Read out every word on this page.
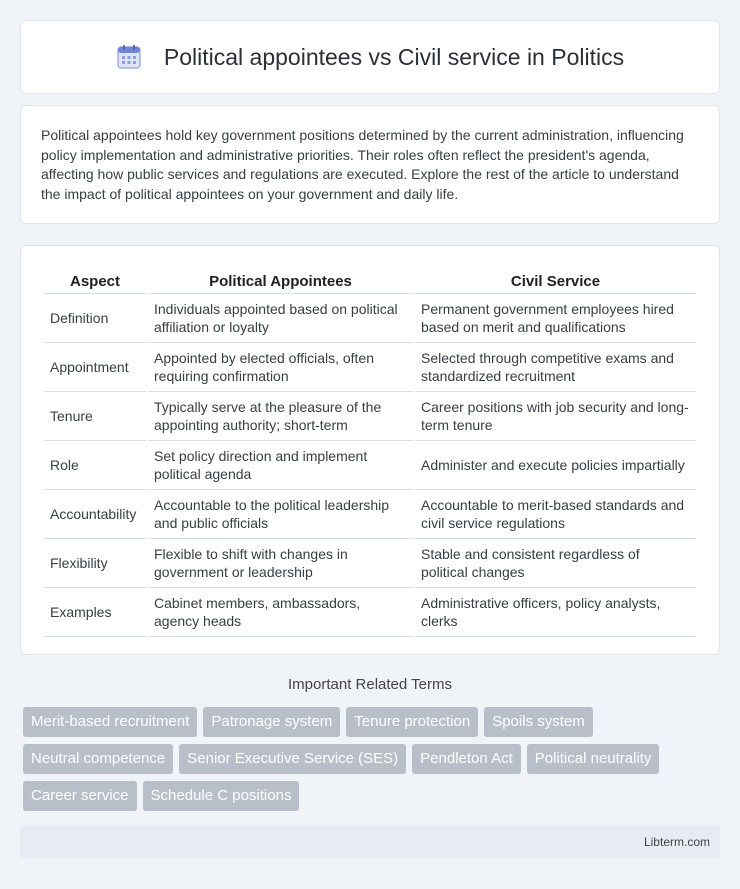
Political appointees vs Civil service in Politics

Political appointees hold key government positions determined by the current administration, influencing policy implementation and administrative priorities. Their roles often reflect the president's agenda, affecting how public services and regulations are executed. Explore the rest of the article to understand the impact of political appointees on your government and daily life.

Aspect	Political Appointees	Civil Service
Definition	Individuals appointed based on political affiliation or loyalty	Permanent government employees hired based on merit and qualifications
Appointment	Appointed by elected officials, often requiring confirmation	Selected through competitive exams and standardized recruitment
Tenure	Typically serve at the pleasure of the appointing authority; short-term	Career positions with job security and long-term tenure
Role	Set policy direction and implement political agenda	Administer and execute policies impartially
Accountability	Accountable to the political leadership and public officials	Accountable to merit-based standards and civil service regulations
Flexibility	Flexible to shift with changes in government or leadership	Stable and consistent regardless of political changes
Examples	Cabinet members, ambassadors, agency heads	Administrative officers, policy analysts, clerks
Important Related Terms
Merit-based recruitment	Patronage system	Tenure protection	Spoils system
Neutral competence	Senior Executive Service (SES)	Pendleton Act	Political neutrality
Career service	Schedule C positions
Libterm.com
